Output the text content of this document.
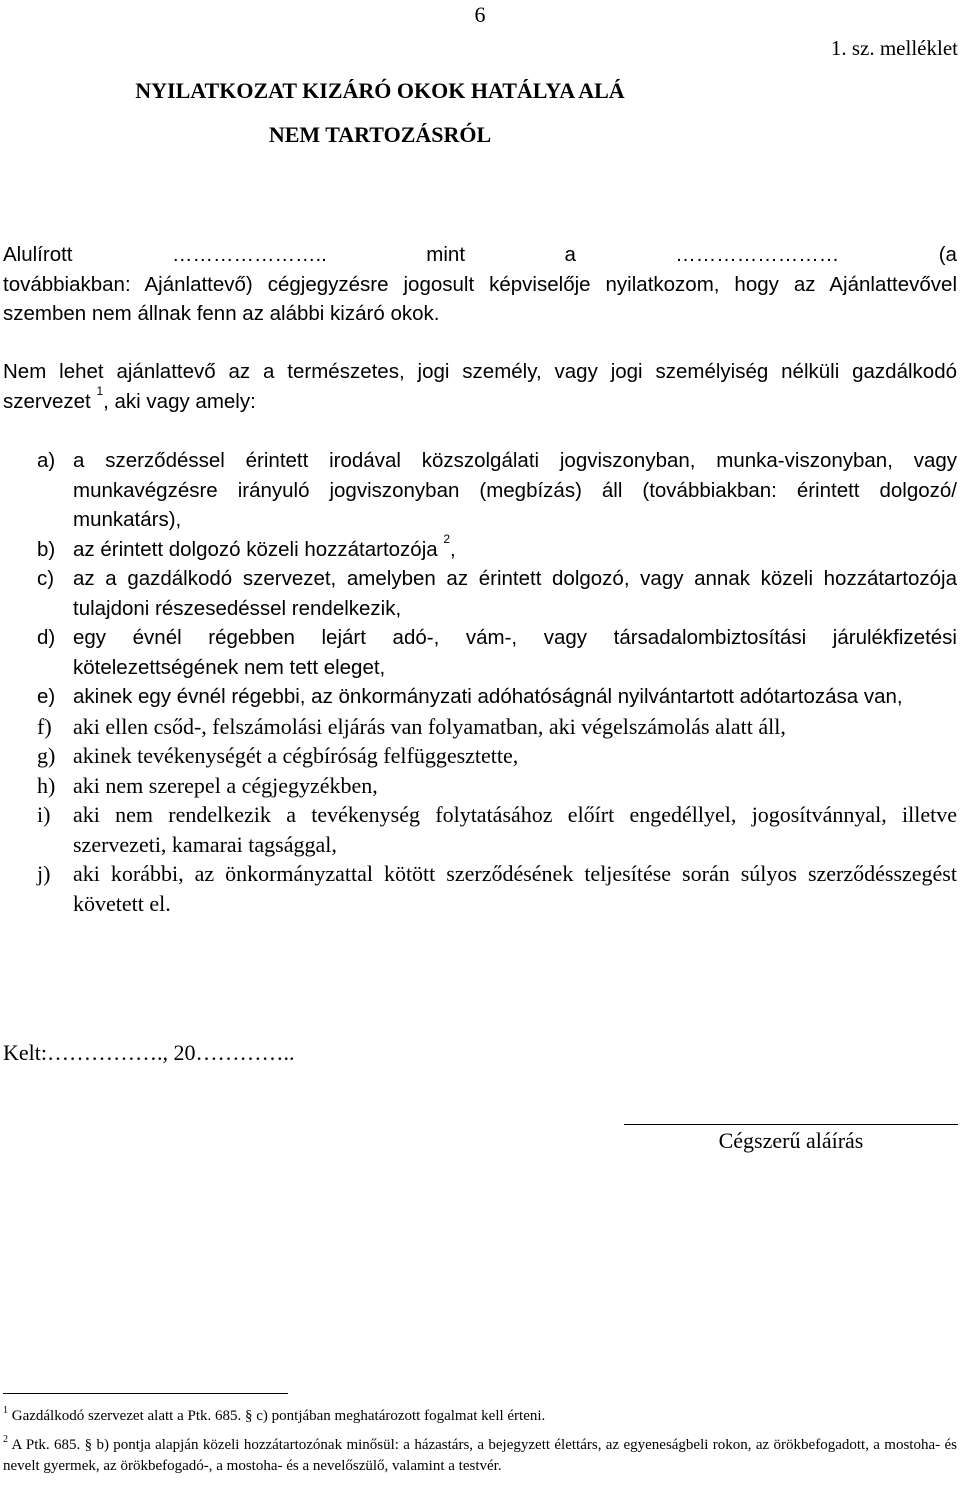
6
1. sz. melléklet
NYILATKOZAT KIZÁRÓ OKOK HATÁLYA ALÁ
NEM TARTOZÁSRÓL
Alulírott	…………………..	mint	a	……………………	(a
továbbiakban: Ajánlattevő) cégjegyzésre jogosult képviselője nyilatkozom, hogy az Ajánlattevővel szemben nem állnak fenn az alábbi kizáró okok.
Nem lehet ajánlattevő az a természetes, jogi személy, vagy jogi személyiség nélküli gazdálkodó szervezet $^1$, aki vagy amely:
a) a szerződéssel érintett irodával közszolgálati jogviszonyban, munka-viszonyban, vagy munkavégzésre irányuló jogviszonyban (megbízás) áll (továbbiakban: érintett dolgozó/ munkatárs),
b) az érintett dolgozó közeli hozzátartozója $^2$,
c) az a gazdálkodó szervezet, amelyben az érintett dolgozó, vagy annak közeli hozzátartozója tulajdoni részesedéssel rendelkezik,
d) egy évnél régebben lejárt adó-, vám-, vagy társadalombiztosítási járulékfizetési kötelezettségének nem tett eleget,
e) akinek egy évnél régebbi, az önkormányzati adóhatóságnál nyilvántartott adótartozása van,
f) aki ellen csőd-, felszámolási eljárás van folyamatban, aki végelszámolás alatt áll,
g) akinek tevékenységét a cégbíróság felfüggesztette,
h) aki nem szerepel a cégjegyzékben,
i)	aki nem rendelkezik a tevékenység folytatásához előírt engedéllyel, jogosítvánnyal, illetve szervezeti, kamarai tagsággal,
j)	aki korábbi, az önkormányzattal kötött szerződésének teljesítése során súlyos szerződésszegést követett el.
Kelt:……………., 20…………..
Cégszerű aláírás
$^1$ Gazdálkodó szervezet alatt a Ptk. 685. § c) pontjában meghatározott fogalmat kell érteni.
$^2$ A Ptk. 685. § b) pontja alapján közeli hozzátartozónak minősül: a házastárs, a bejegyzett élettárs, az egyeneságbeli rokon, az örökbefogadott, a mostoha- és nevelt gyermek, az örökbefogadó-, a mostoha- és a nevelőszülő, valamint a testvér.
